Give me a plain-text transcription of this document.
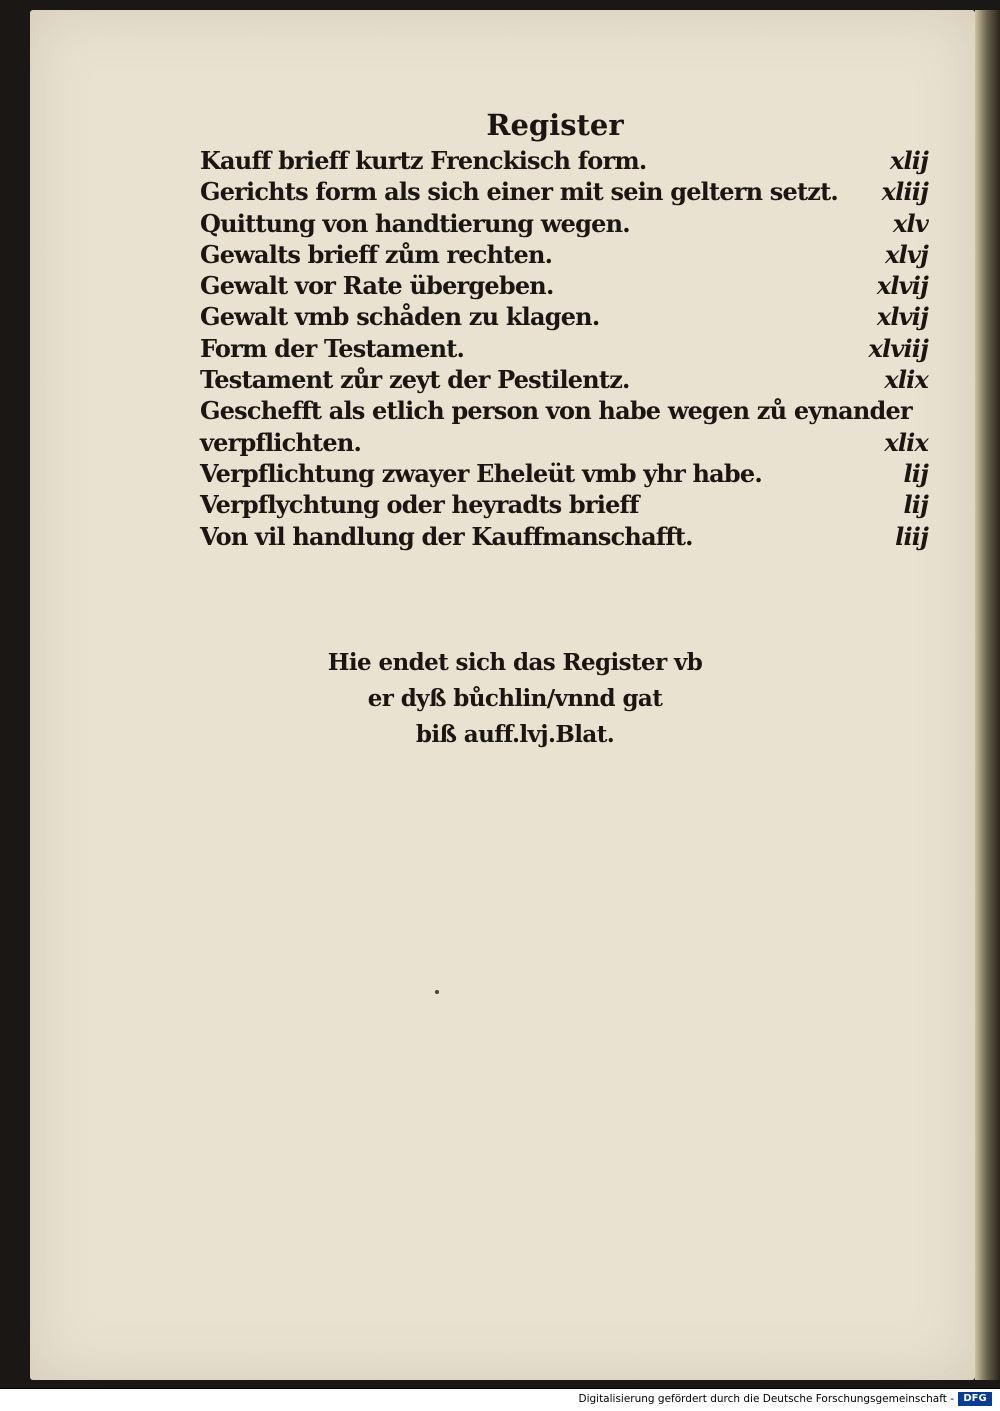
Register
Kauff brieff kurtz Frenckisch form.	xlij
Gerichts form als sich einer mit sein geltern setzt. xliij
Quittung von handtierung wegen.	xlv
Gewalts brieff zům rechten.	xlvj
Gewalt vor Rate übergeben.	xlvij
Gewalt vmb schåden zu klagen.	xlvij
Form der Testament.	xlviij
Testament zůr zeyt der Pestilentz.	xlix
Geschefft als etlich person von habe wegen zů eynander
verpflichten.	xlix
Verpflichtung zwayer Eheleüt vmb yhr habe.	lij
Verpflychtung oder heyradts brieff	lij
Von vil handlung der Kauffmanschafft.	liij
Hie endet sich das Register vb
er dyß bůchlin/vnnd gat
biß auff.lvj.Blat.
Digitalisierung gefördert durch die Deutsche Forschungsgemeinschaft - DFG
